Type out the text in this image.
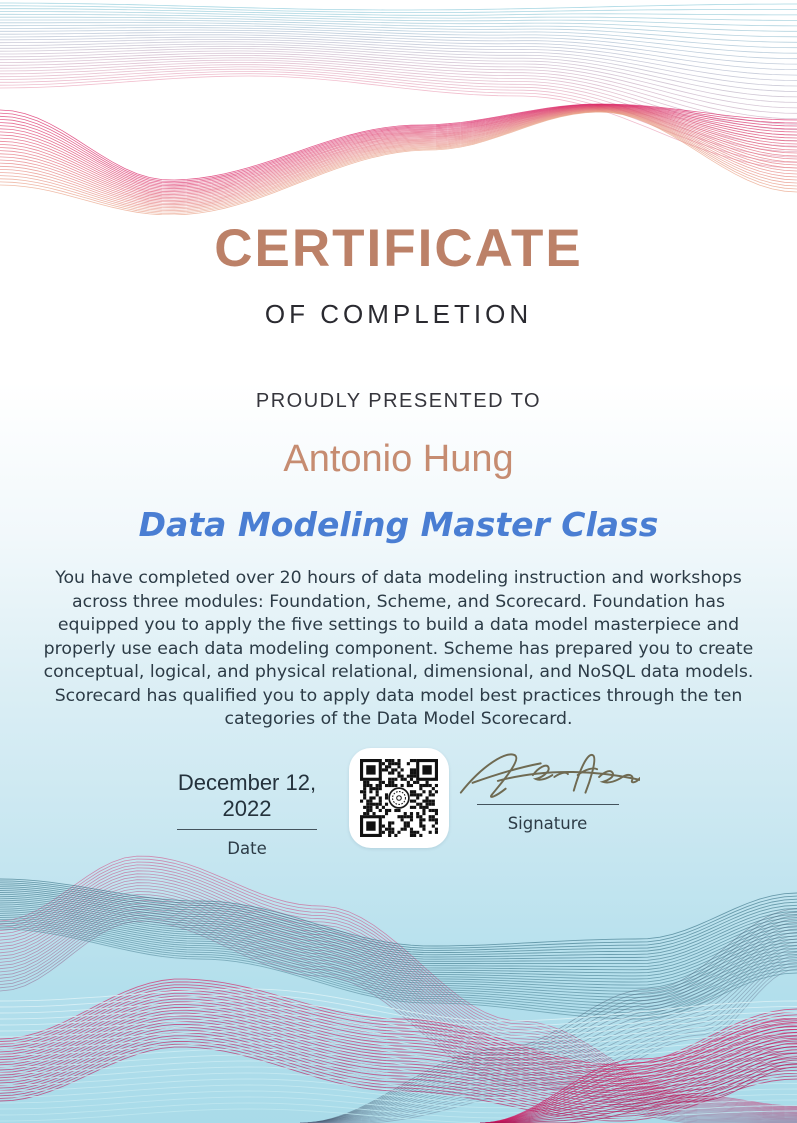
CERTIFICATE
OF COMPLETION
PROUDLY PRESENTED TO
Antonio Hung
Data Modeling Master Class

You have completed over 20 hours of data modeling instruction and workshops across three modules: Foundation, Scheme, and Scorecard. Foundation has equipped you to apply the five settings to build a data model masterpiece and properly use each data modeling component. Scheme has prepared you to create conceptual, logical, and physical relational, dimensional, and NoSQL data models. Scorecard has qualified you to apply data model best practices through the ten categories of the Data Model Scorecard.

December 12, 2022
Date
Signature
